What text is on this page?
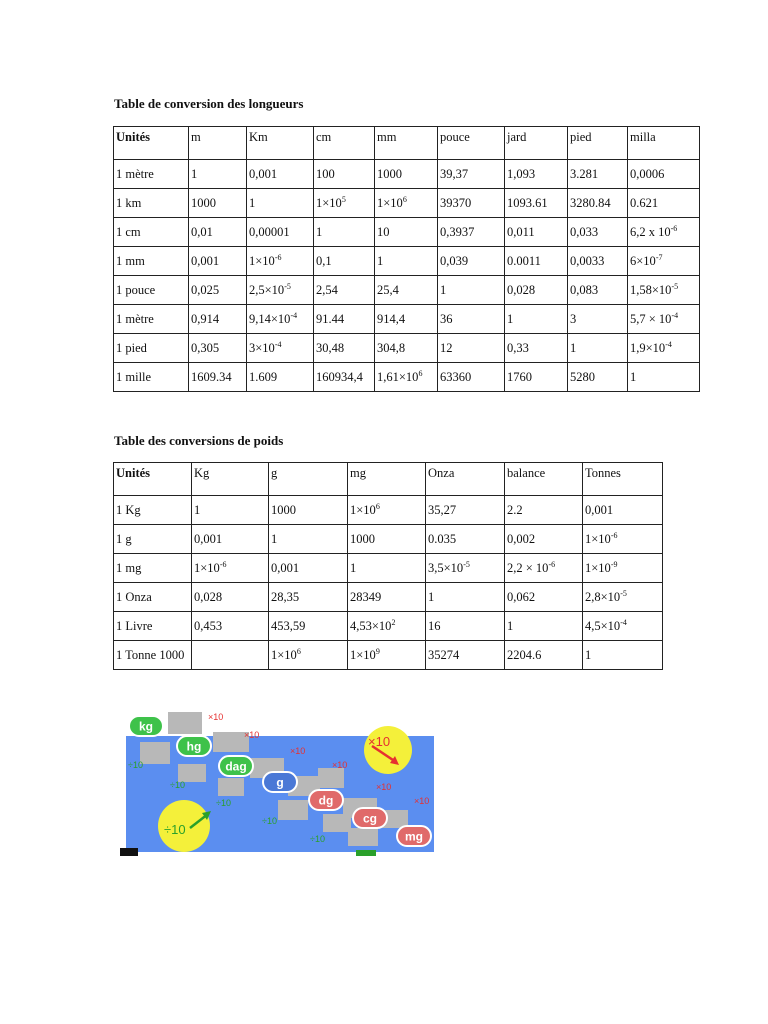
Table de conversion des longueurs
Unités	m	Km	cm	mm	pouce	jard	pied	milla
1 mètre	1	0,001	100	1000	39,37	1,093	3.281	0,0006
1 km	1000	1	$1\times 10^5$	$1\times 10^6$	39370	1093.61	3280.84	0.621
1 cm	0,01	0,00001	1	10	0,3937	0,011	0,033	6,2 x $10^{-6}$
1 mm	0,001	$1\times 10^{-6}$	0,1	1	0,039	0.0011	0,0033	$6\times 10^{-7}$
1 pouce	0,025	$2,5\times 10^{-5}$	2,54	25,4	1	0,028	0,083	$1,58\times 10^{-5}$
1 mètre	0,914	$9,14\times 10^{-4}$	91.44	914,4	36	1	3	$5,7 \times 10^{-4}$
1 pied	0,305	$3\times 10^{-4}$	30,48	304,8	12	0,33	1	$1,9\times 10^{-4}$
1 mille	1609.34	1.609	160934,4	$1,61\times 10^6$	63360	1760	5280	1
Table des conversions de poids
Unités	Kg	g	mg	Onza	balance	Tonnes
1 Kg	1	1000	$1\times 10^6$	35,27	2.2	0,001
1 g	0,001	1	1000	0.035	0,002	$1\times 10^{-6}$
1 mg	$1\times 10^{-6}$	0,001	1	$3,5\times 10^{-5}$	$2,2 \times 10^{-6}$	$1\times 10^{-9}$
1 Onza	0,028	28,35	28349	1	0,062	$2,8\times 10^{-5}$
1 Livre	0,453	453,59	$4,53\times 10^2$	16	1	$4,5\times 10^{-4}$
1 Tonne 1000		$1\times 10^6$	$1\times 10^9$	35274	2204.6	1
kg
hg
dag
g
dg
cg
mg
×10
×10
×10
×10
×10
×10
÷10
÷10
÷10
÷10
÷10
×10
÷10
